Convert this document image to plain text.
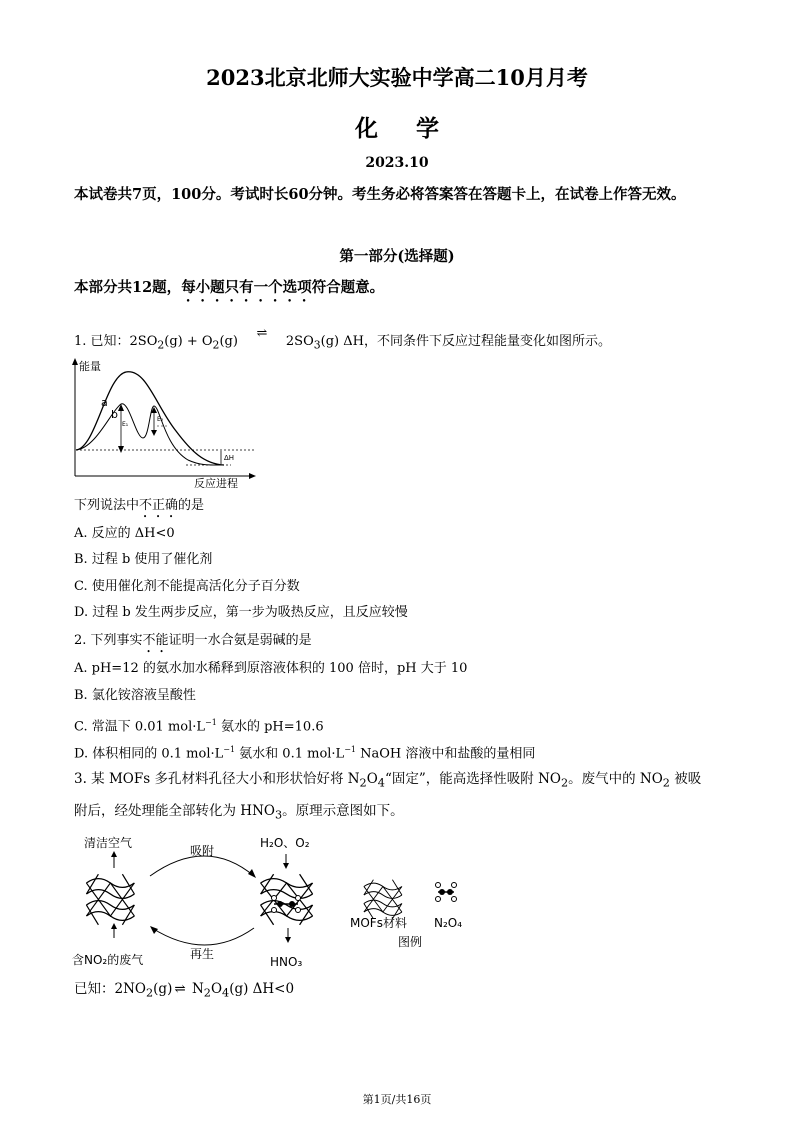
2023北京北师大实验中学高二10月月考
化学
2023.10
本试卷共7页，100分。考试时长60分钟。考生务必将答案答在答题卡上，在试卷上作答无效。
第一部分(选择题)
本部分共12题，每小题只有一个选项符合题意。
1. 已知：$2SO_2(g)$ + $O_2(g)\rightleftharpoons 2SO_3(g)$ ΔH，不同条件下反应过程能量变化如图所示。
能量
反应进程
a
b
E₁
E₂
ΔH
下列说法中不正确的是
A. 反应的 ΔH<0
B. 过程 b 使用了催化剂
C. 使用催化剂不能提高活化分子百分数
D. 过程 b 发生两步反应，第一步为吸热反应，且反应较慢
2. 下列事实不能证明一水合氨是弱碱的是
A. pH=12 的氨水加水稀释到原溶液体积的 100 倍时，pH 大于 10
B. 氯化铵溶液呈酸性
C. 常温下 0.01 $mol\cdot L^{-1}$ 氨水的 pH=10.6
D. 体积相同的 0.1 $mol\cdot L^{-1}$ 氨水和 0.1 $mol\cdot L^{-1}$ NaOH 溶液中和盐酸的量相同
3. 某 MOFs 多孔材料孔径大小和形状恰好将 $N_2O_4“$固定”，能高选择性吸附 $NO_2$。废气中的 $NO_2$ 被吸
附后，经处理能全部转化为 $HNO_3$。原理示意图如下。
清洁空气
含NO₂的废气
吸附
再生
H₂O、O₂
HNO₃
MOFs材料 N₂O₄
图例
已知：$2NO_2(g)$ ⇌ $N_2O_4(g)$ ΔH<0
第1页/共16页
